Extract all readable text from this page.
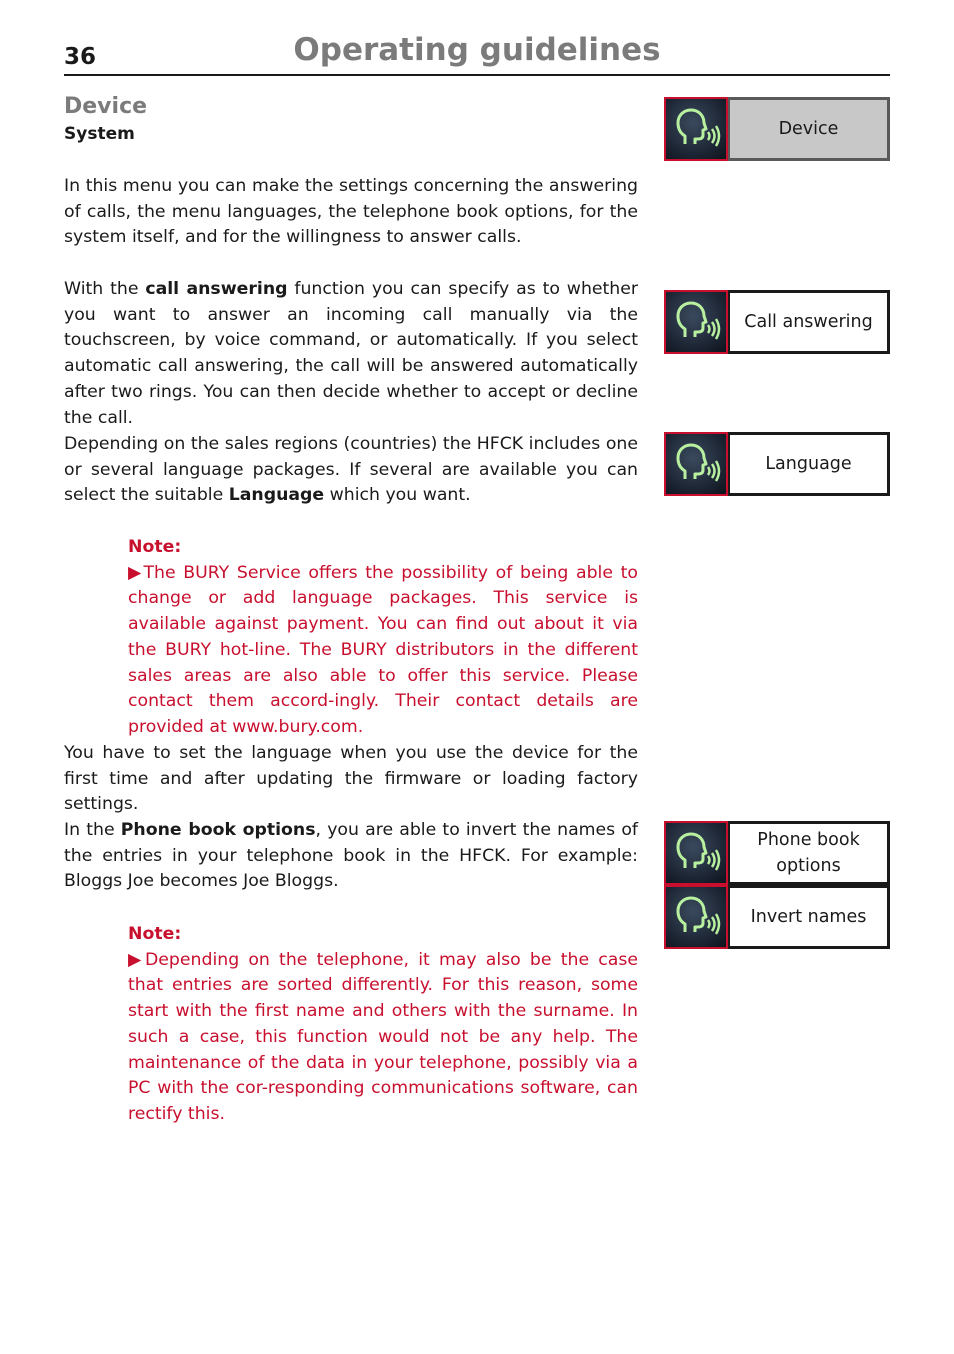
36	Operating guidelines
Device
System

In this menu you can make the settings concerning the answering of calls, the menu languages, the telephone book options, for the system itself, and for the willingness to answer calls.

With the call answering function you can specify as to whether you want to answer an incoming call manually via the touchscreen, by voice command, or automatically. If you select automatic call answering, the call will be answered automatically after two rings. You can then decide whether to accept or decline the call.

Depending on the sales regions (countries) the HFCK includes one or several language packages. If several are available you can select the suitable Language which you want.

Note:
▶The BURY Service offers the possibility of being able to change or add language packages. This service is available against payment. You can find out about it via the BURY hot-line. The BURY distributors in the different sales areas are also able to offer this service. Please contact them accord-ingly. Their contact details are provided at www.bury.com.

You have to set the language when you use the device for the first time and after updating the firmware or loading factory settings.

In the Phone book options, you are able to invert the names of the entries in your telephone book in the HFCK. For example: Bloggs Joe becomes Joe Bloggs.

Note:
▶Depending on the telephone, it may also be the case that entries are sorted differently. For this reason, some start with the first name and others with the surname. In such a case, this function would not be any help. The maintenance of the data in your telephone, possibly via a PC with the cor-responding communications software, can rectify this.
Device
Call answering
Language
Phone book options
Invert names
